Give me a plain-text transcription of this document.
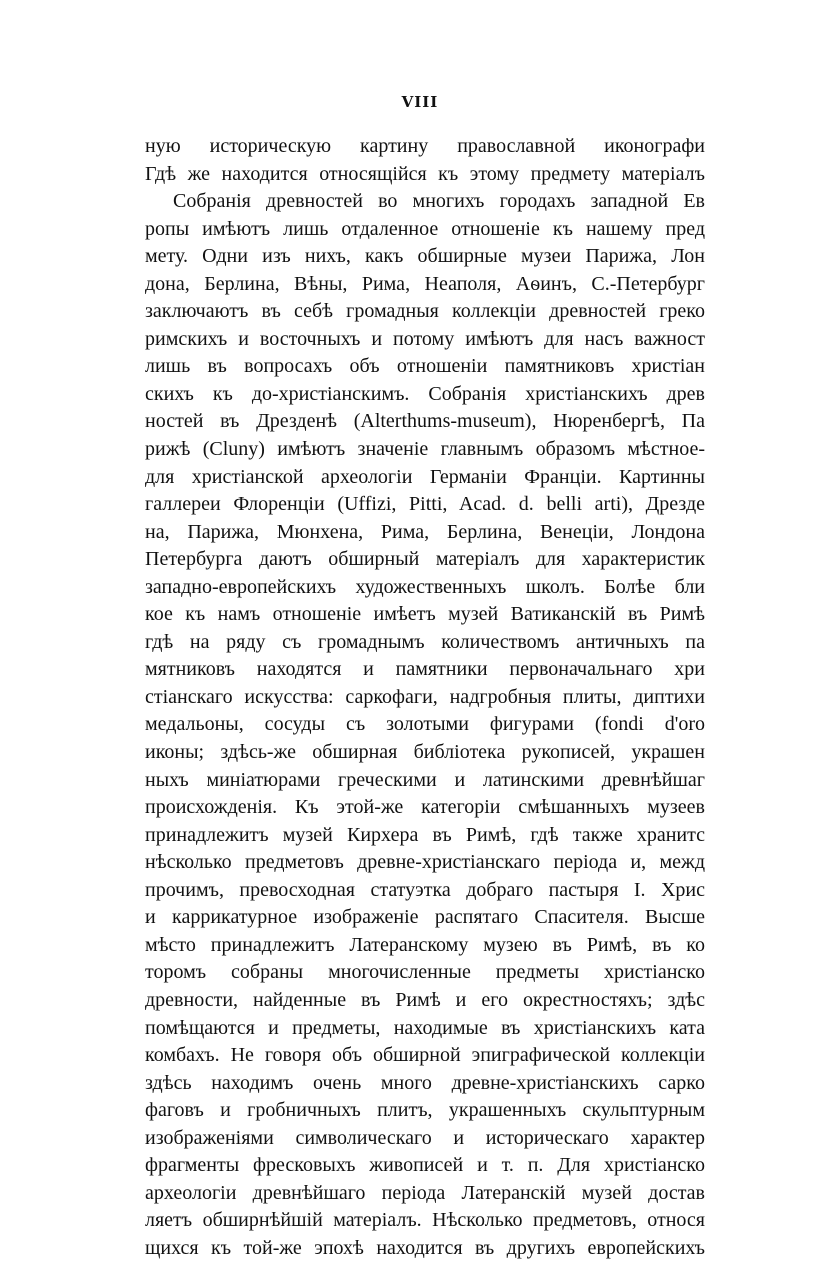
VIII
ную историческую картину православной иконографи
Гдѣ же находится относящійся къ этому предмету матеріалъ
Собранія древностей во многихъ городахъ западной Ев
ропы имѣютъ лишь отдаленное отношеніе къ нашему пред
мету. Одни изъ нихъ, какъ обширные музеи Парижа, Лон
дона, Берлина, Вѣны, Рима, Неаполя, Аѳинъ, С.-Петербург
заключаютъ въ себѣ громадныя коллекціи древностей греко
римскихъ и восточныхъ и потому имѣютъ для насъ важност
лишь въ вопросахъ объ отношеніи памятниковъ христіан
скихъ къ до-христіанскимъ. Собранія христіанскихъ древ
ностей въ Дрезденѣ (Alterthums-museum), Нюренбергѣ, Па
рижѣ (Cluny) имѣютъ значеніе главнымъ образомъ мѣстное-
для христіанской археологіи Германіи Франціи. Картинны
галлереи Флоренціи (Uffizi, Pitti, Acad. d. belli arti), Дрезде
на, Парижа, Мюнхена, Рима, Берлина, Венеціи, Лондона
Петербурга даютъ обширный матеріалъ для характеристик
западно-европейскихъ художественныхъ школъ. Болѣе бли
кое къ намъ отношеніе имѣетъ музей Ватиканскій въ Римѣ
гдѣ на ряду съ громаднымъ количествомъ античныхъ па
мятниковъ находятся и памятники первоначальнаго хри
стіанскаго искусства: саркофаги, надгробныя плиты, диптихи
медальоны, сосуды съ золотыми фигурами (fondi d'oro
иконы; здѣсь-же обширная библіотека рукописей, украшен
ныхъ миніатюрами греческими и латинскими древнѣйшаг
происхожденія. Къ этой-же категоріи смѣшанныхъ музеев
принадлежитъ музей Кирхера въ Римѣ, гдѣ также хранитс
нѣсколько предметовъ древне-христіанскаго періода и, межд
прочимъ, превосходная статуэтка добраго пастыря І. Хрис
и каррикатурное изображеніе распятаго Спасителя. Высше
мѣсто принадлежитъ Латеранскому музею въ Римѣ, въ ко
торомъ собраны многочисленные предметы христіанско
древности, найденные въ Римѣ и его окрестностяхъ; здѣс
помѣщаются и предметы, находимые въ христіанскихъ ката
комбахъ. Не говоря объ обширной эпиграфической коллекціи
здѣсь находимъ очень много древне-христіанскихъ сарко
фаговъ и гробничныхъ плитъ, украшенныхъ скульптурным
изображеніями символическаго и историческаго характер
фрагменты фресковыхъ живописей и т. п. Для христіанско
археологіи древнѣйшаго періода Латеранскій музей достав
ляетъ обширнѣйшій матеріалъ. Нѣсколько предметовъ, относя
щихся къ той-же эпохѣ находится въ другихъ европейскихъ
